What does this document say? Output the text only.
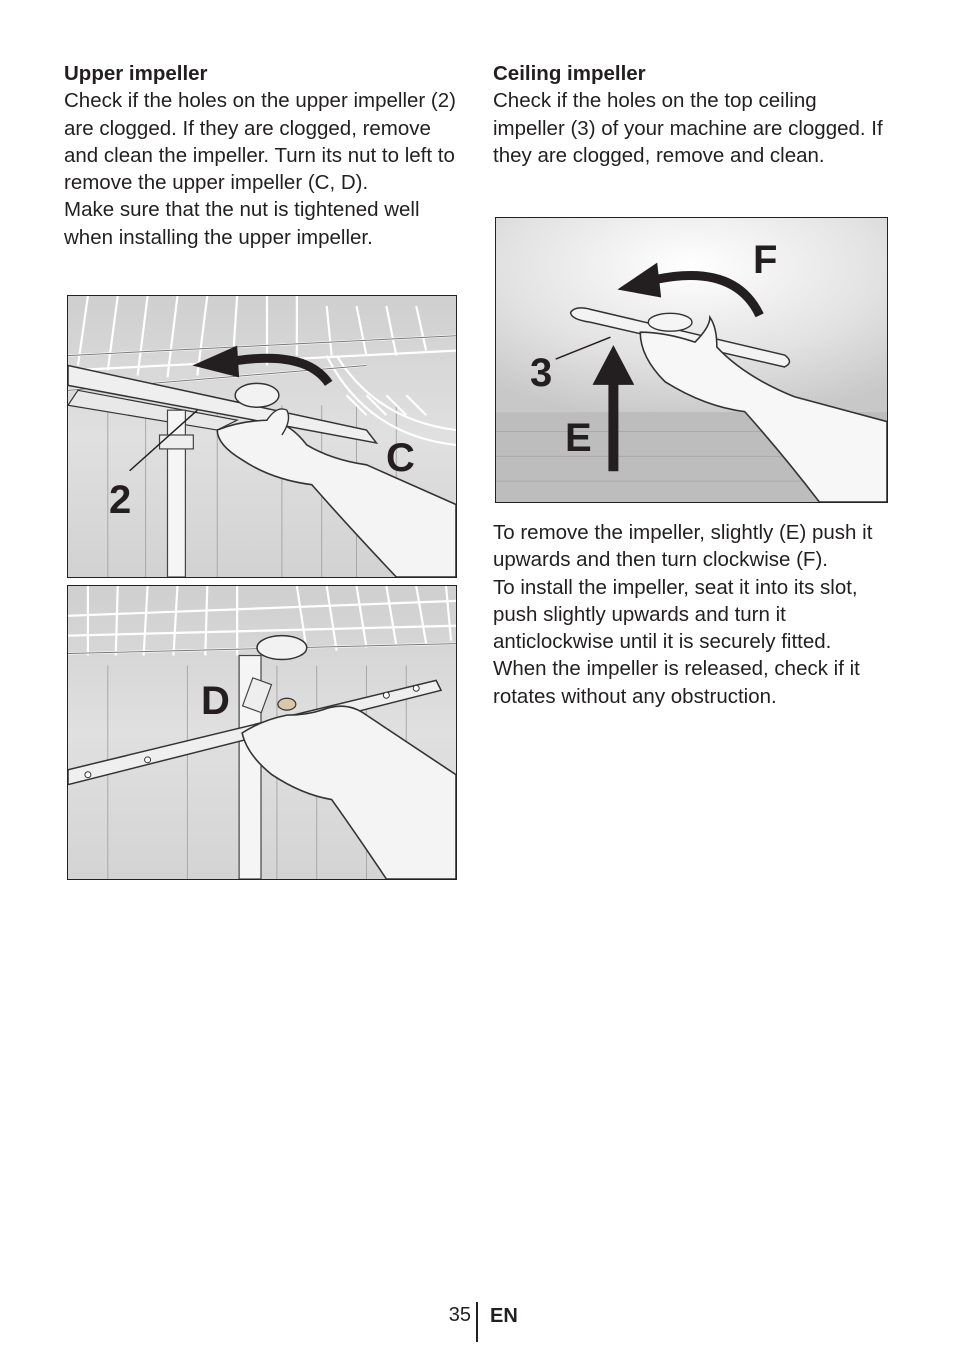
Upper impeller

Check if the holes on the upper impeller (2) are clogged. If they are clogged, remove and clean the impeller. Turn its nut to left to remove the upper impeller (C, D).

Make sure that the nut is tightened well when installing the upper impeller.

2
C
D
Ceiling impeller

Check if the holes on the top ceiling impeller (3) of your machine are clogged. If they are clogged, remove and clean.

F
3
E

To remove the impeller, slightly (E) push it upwards and then turn clockwise (F).

To install the impeller, seat it into its slot, push slightly upwards and turn it anticlockwise until it is securely fitted.

When the impeller is released, check if it rotates without any obstruction.

35 EN
